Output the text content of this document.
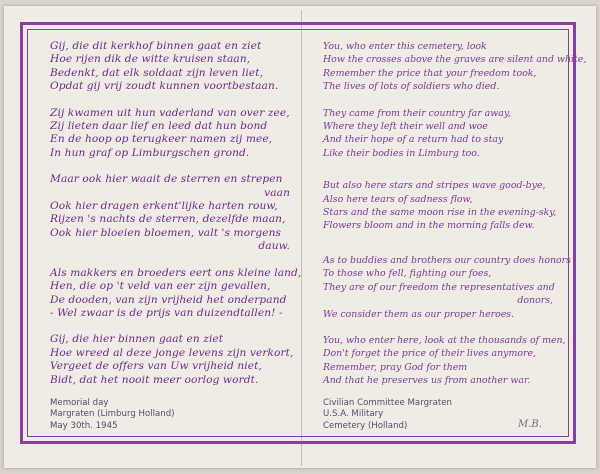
Gij, die dit kerkhof binnen gaat en ziet
Hoe rijen dik de witte kruisen staan,
Bedenkt, dat elk soldaat zijn leven liet,
Opdat gij vrij zoudt kunnen voortbestaan.
Zij kwamen uit hun vaderland van over zee,
Zij lieten daar lief en leed dat hun bond
En de hoop op terugkeer namen zij mee,
In hun graf op Limburgschen grond.
Maar ook hier waait de sterren en strepen
vaan
Ook hier dragen erkent'lijke harten rouw,
Rijzen 's nachts de sterren, dezelfde maan,
Ook hier bloeien bloemen, valt 's morgens
dauw.
Als makkers en broeders eert ons kleine land,
Hen, die op 't veld van eer zijn gevallen,
De dooden, van zijn vrijheid het onderpand
- Wel zwaar is de prijs van duizendtallen! -
Gij, die hier binnen gaat en ziet
Hoe wreed al deze jonge levens zijn verkort,
Vergeet de offers van Uw vrijheid niet,
Bidt, dat het nooit meer oorlog wordt.
Memorial day
Margraten (Limburg Holland)
May 30th. 1945
You, who enter this cemetery, look
How the crosses above the graves are silent and white,
Remember the price that your freedom took,
The lives of lots of soldiers who died.
They came from their country far away,
Where they left their well and woe
And their hope of a return had to stay
Like their bodies in Limburg too.
But also here stars and stripes wave good-bye,
Also here tears of sadness flow,
Stars and the same moon rise in the evening-sky,
Flowers bloom and in the morning falls dew.
As to buddies and brothers our country does honors
To those who fell, fighting our foes,
They are of our freedom the representatives and
donors,
We consider them as our proper heroes.
You, who enter here, look at the thousands of men,
Don't forget the price of their lives anymore,
Remember, pray God for them
And that he preserves us from another war.
Civilian Committee Margraten
U.S.A. Military
Cemetery (Holland)	M.B.
